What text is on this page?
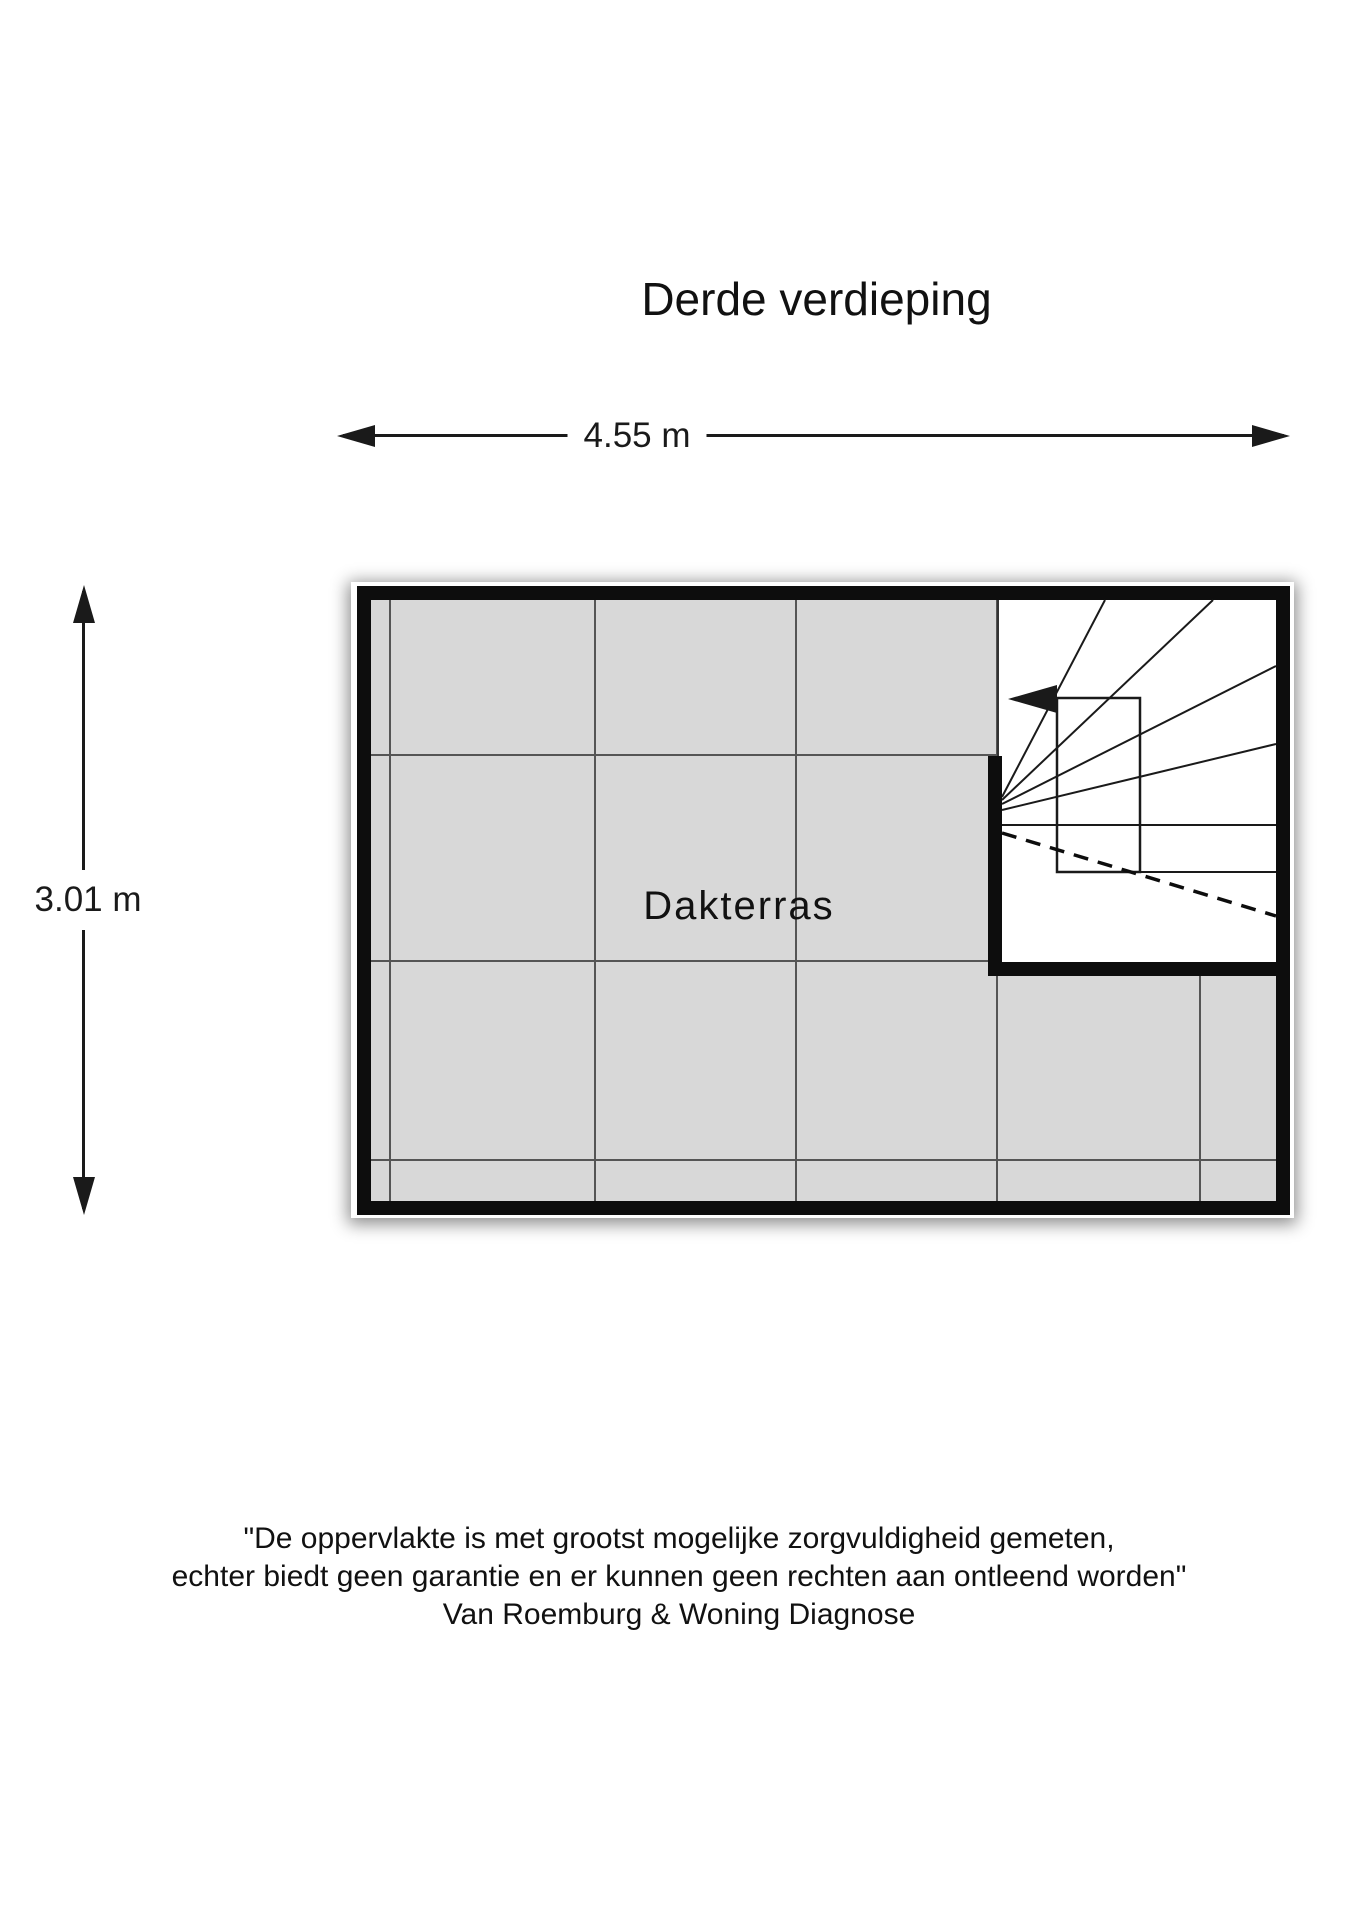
Derde verdieping
4.55 m
3.01 m	Dakterras
"De oppervlakte is met grootst mogelijke zorgvuldigheid gemeten,
echter biedt geen garantie en er kunnen geen rechten aan ontleend worden"
Van Roemburg & Woning Diagnose
